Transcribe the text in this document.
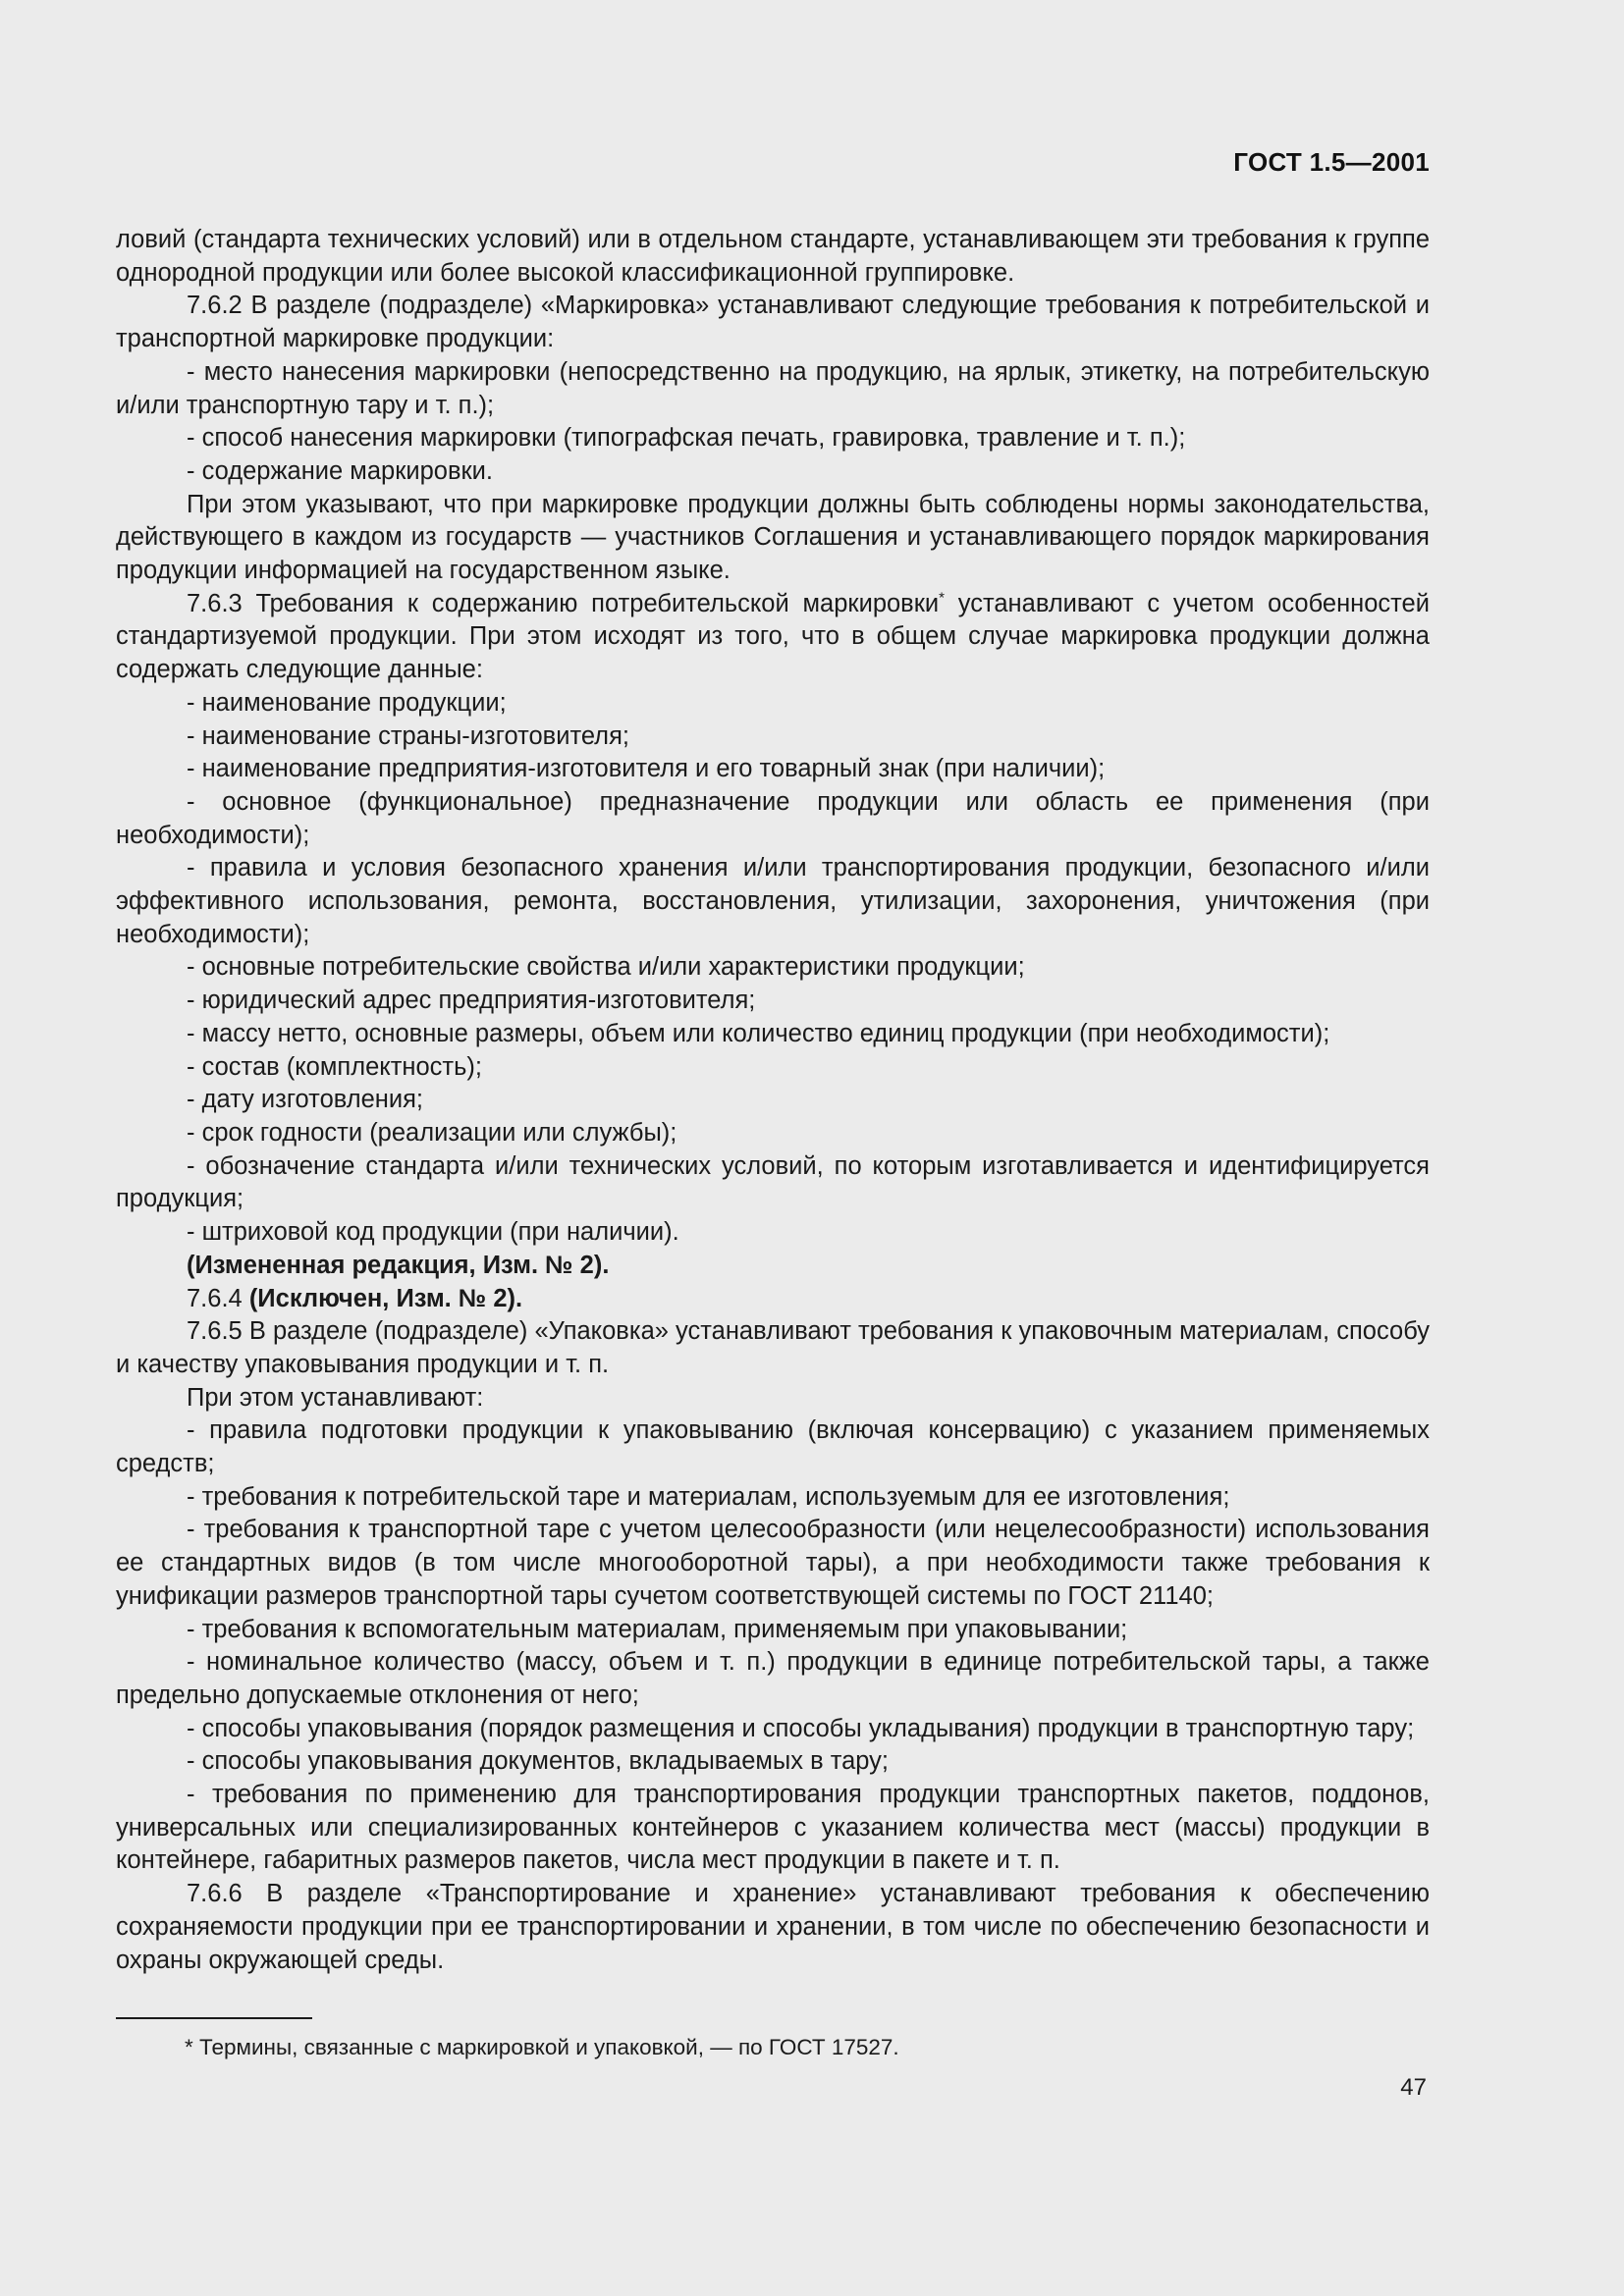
ГОСТ 1.5—2001

ловий (стандарта технических условий) или в отдельном стандарте, устанавливающем эти требования к группе однородной продукции или более высокой классификационной группировке.

7.6.2 В разделе (подразделе) «Маркировка» устанавливают следующие требования к потребительской и транспортной маркировке продукции:

- место нанесения маркировки (непосредственно на продукцию, на ярлык, этикетку, на потребительскую и/или транспортную тару и т. п.);

- способ нанесения маркировки (типографская печать, гравировка, травление и т. п.);

- содержание маркировки.

При этом указывают, что при маркировке продукции должны быть соблюдены нормы законодательства, действующего в каждом из государств — участников Соглашения и устанавливающего порядок маркирования продукции информацией на государственном языке.

7.6.3 Требования к содержанию потребительской маркировки* устанавливают с учетом особенностей стандартизуемой продукции. При этом исходят из того, что в общем случае маркировка продукции должна содержать следующие данные:

- наименование продукции;

- наименование страны-изготовителя;

- наименование предприятия-изготовителя и его товарный знак (при наличии);

- основное (функциональное) предназначение продукции или область ее применения (при необходимости);

- правила и условия безопасного хранения и/или транспортирования продукции, безопасного и/или эффективного использования, ремонта, восстановления, утилизации, захоронения, уничтожения (при необходимости);

- основные потребительские свойства и/или характеристики продукции;

- юридический адрес предприятия-изготовителя;

- массу нетто, основные размеры, объем или количество единиц продукции (при необходимости);

- состав (комплектность);

- дату изготовления;

- срок годности (реализации или службы);

- обозначение стандарта и/или технических условий, по которым изготавливается и идентифицируется продукция;

- штриховой код продукции (при наличии).

(Измененная редакция, Изм. № 2).

7.6.4 (Исключен, Изм. № 2).

7.6.5 В разделе (подразделе) «Упаковка» устанавливают требования к упаковочным материалам, способу и качеству упаковывания продукции и т. п.

При этом устанавливают:

- правила подготовки продукции к упаковыванию (включая консервацию) с указанием применяемых средств;

- требования к потребительской таре и материалам, используемым для ее изготовления;

- требования к транспортной таре с учетом целесообразности (или нецелесообразности) использования ее стандартных видов (в том числе многооборотной тары), а при необходимости также требования к унификации размеров транспортной тары сучетом соответствующей системы по ГОСТ 21140;

- требования к вспомогательным материалам, применяемым при упаковывании;

- номинальное количество (массу, объем и т. п.) продукции в единице потребительской тары, а также предельно допускаемые отклонения от него;

- способы упаковывания (порядок размещения и способы укладывания) продукции в транспортную тару;

- способы упаковывания документов, вкладываемых в тару;

- требования по применению для транспортирования продукции транспортных пакетов, поддонов, универсальных или специализированных контейнеров с указанием количества мест (массы) продукции в контейнере, габаритных размеров пакетов, числа мест продукции в пакете и т. п.

7.6.6 В разделе «Транспортирование и хранение» устанавливают требования к обеспечению сохраняемости продукции при ее транспортировании и хранении, в том числе по обеспечению безопасности и охраны окружающей среды.

* Термины, связанные с маркировкой и упаковкой, — по ГОСТ 17527.
47
